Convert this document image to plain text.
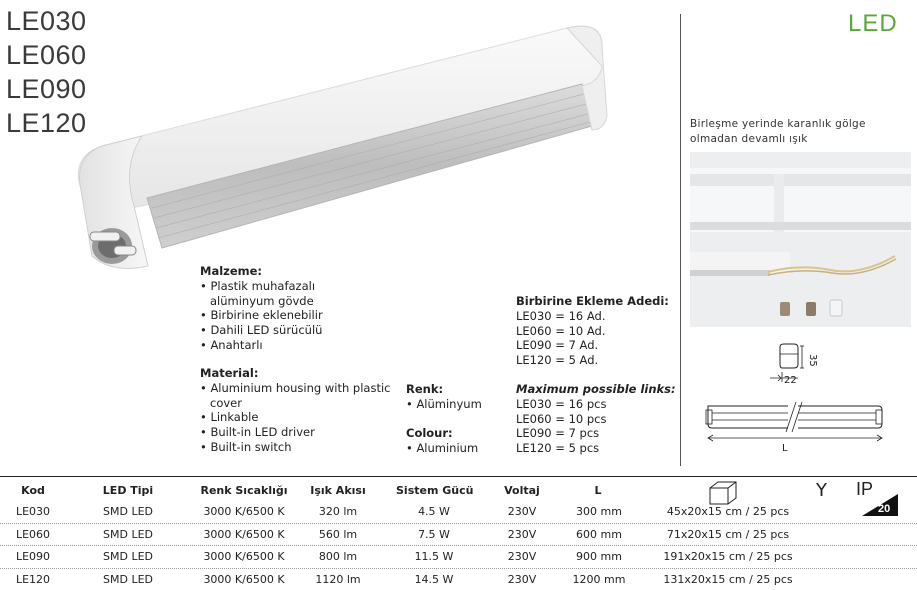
LE030
LE060
LE090
LE120
LED
Birleşme yerinde karanlık gölge
olmadan devamlı ışık
35
22
L
Malzeme:
• Plastik muhafazalı
alüminyum gövde
• Birbirine eklenebilir
• Dahili LED sürücülü
• Anahtarlı
Material:
• Aluminium housing with plastic
cover
• Linkable
• Built-in LED driver
• Built-in switch
Renk:
• Alüminyum
Colour:
• Aluminium
Birbirine Ekleme Adedi:
LE030 = 16 Ad.
LE060 = 10 Ad.
LE090 = 7 Ad.
LE120 = 5 Ad.
Maximum possible links:
LE030 = 16 pcs
LE060 = 10 pcs
LE090 = 7 pcs
LE120 = 5 pcs
Kod	LED Tipi	Renk Sıcaklığı	Işık Akısı	Sistem Gücü	Voltaj	L
LE030	SMD LED	3000 K/6500 K	320 lm	4.5 W	230V	300 mm	45x20x15 cm / 25 pcs
LE060	SMD LED	3000 K/6500 K	560 lm	7.5 W	230V	600 mm	71x20x15 cm / 25 pcs
LE090	SMD LED	3000 K/6500 K	800 lm	11.5 W	230V	900 mm	191x20x15 cm / 25 pcs
LE120	SMD LED	3000 K/6500 K	1120 lm	14.5 W	230V	1200 mm	131x20x15 cm / 25 pcs
Y IP
20
